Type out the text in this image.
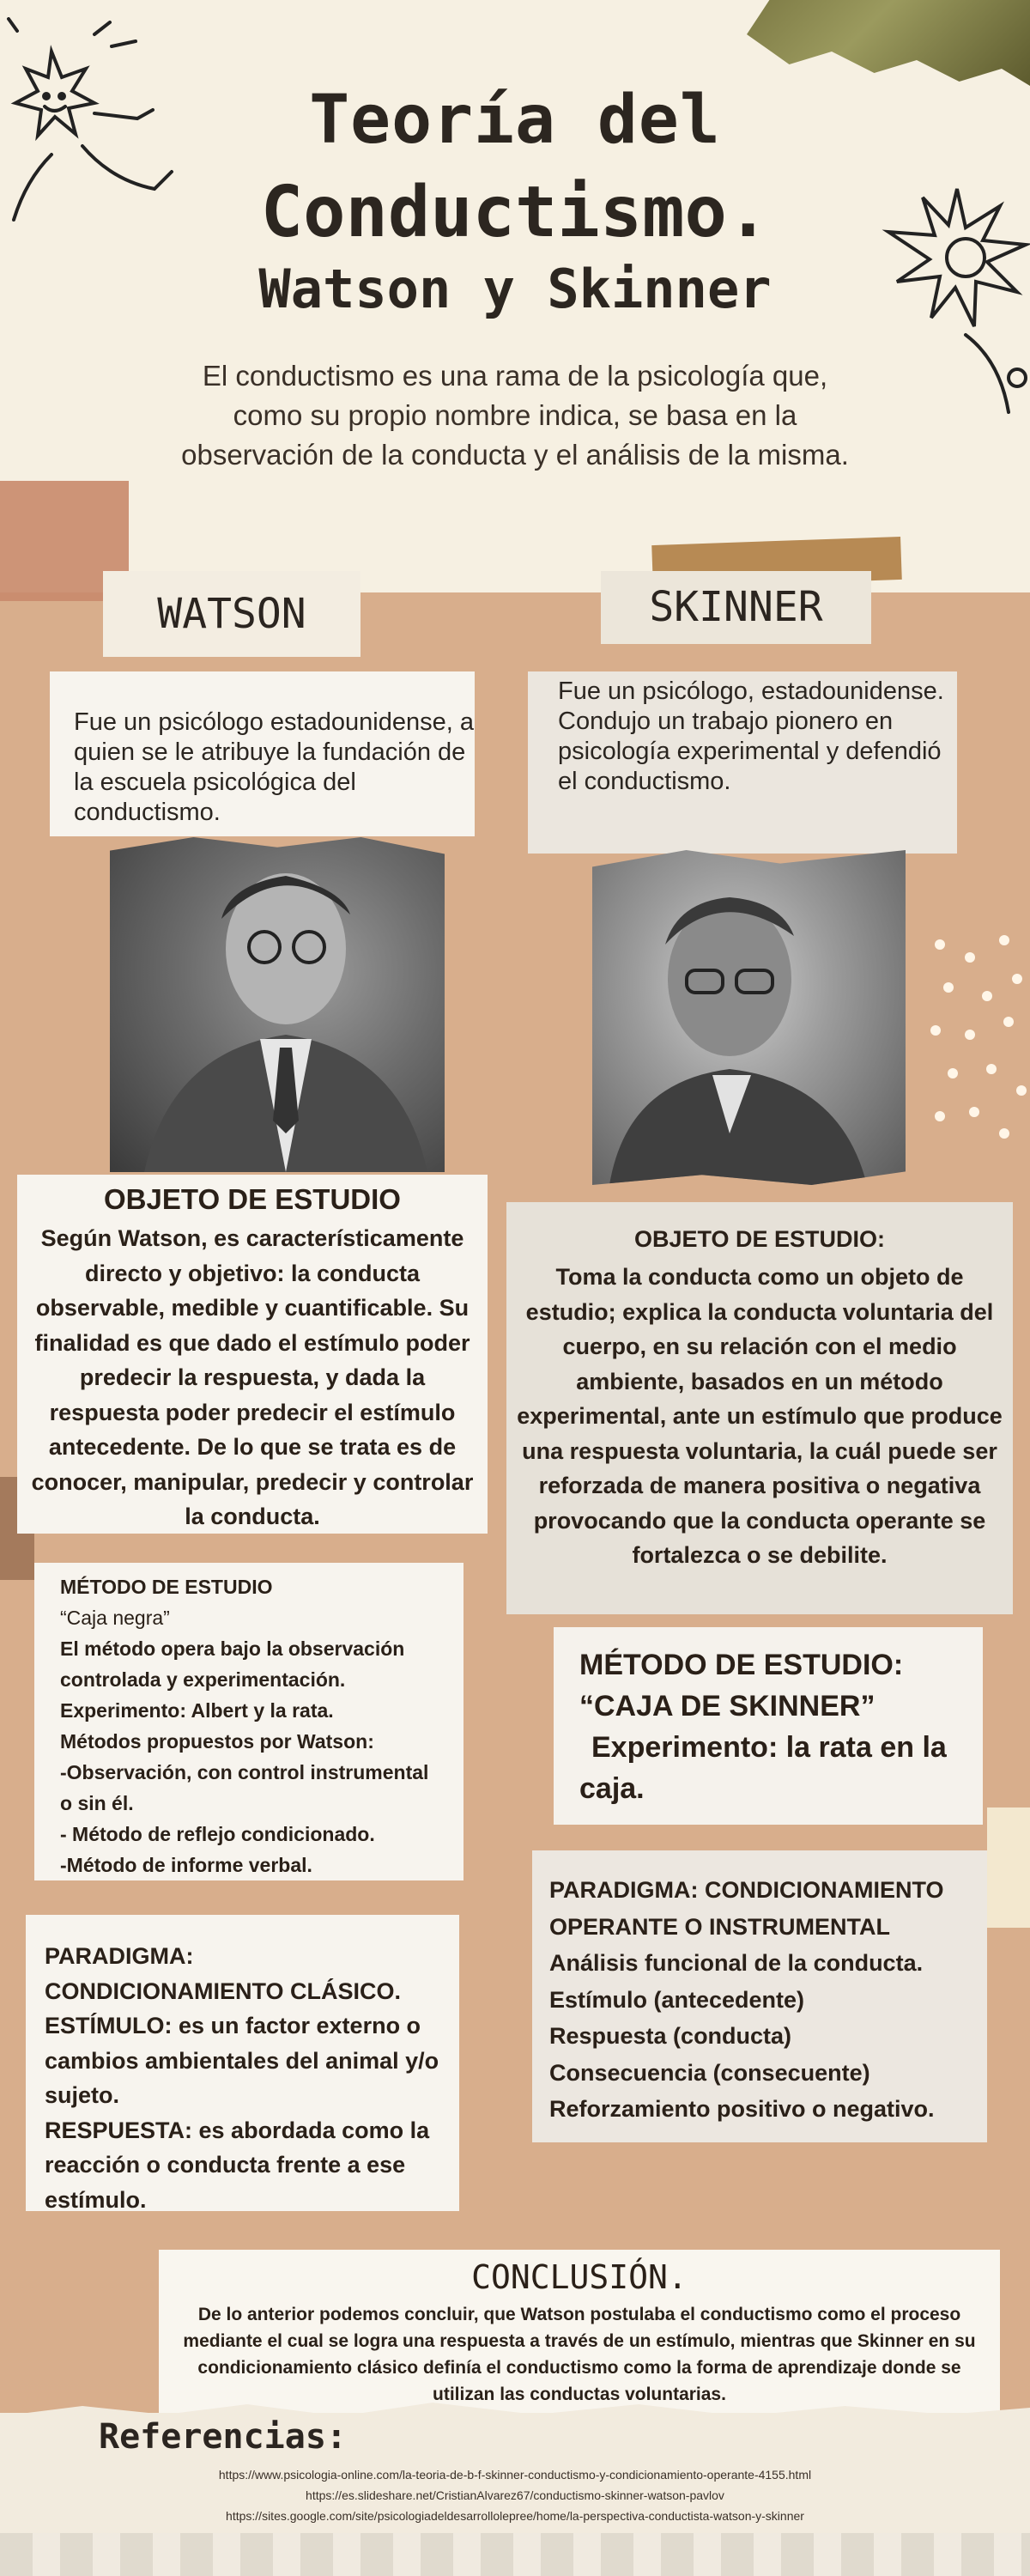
Teoría del
Conductismo.
Watson y Skinner
El conductismo es una rama de la psicología que, como su propio nombre indica, se basa en la observación de la conducta y el análisis de la misma.
WATSON	SKINNER
Fue un psicólogo estadounidense, a quien se le atribuye la fundación de la escuela psicológica del conductismo.
Fue un psicólogo, estadounidense. Condujo un trabajo pionero en psicología experimental y defendió el conductismo.
OBJETO DE ESTUDIO

Según Watson, es característicamente directo y objetivo: la conducta observable, medible y cuantificable. Su finalidad es que dado el estímulo poder predecir la respuesta, y dada la respuesta poder predecir el estímulo antecedente. De lo que se trata es de conocer, manipular, predecir y controlar la conducta.

OBJETO DE ESTUDIO:

Toma la conducta como un objeto de estudio; explica la conducta voluntaria del cuerpo, en su relación con el medio ambiente, basados en un método experimental, ante un estímulo que produce una respuesta voluntaria, la cuál puede ser reforzada de manera positiva o negativa provocando que la conducta operante se fortalezca o se debilite.

MÉTODO DE ESTUDIO
“Caja negra”
El método opera bajo la observación
controlada y experimentación.
Experimento: Albert y la rata.
Métodos propuestos por Watson:
-Observación, con control instrumental
o sin él.
- Método de reflejo condicionado.
-Método de informe verbal.
MÉTODO DE ESTUDIO:
“CAJA DE SKINNER”
Experimento: la rata en la
caja.
PARADIGMA:
CONDICIONAMIENTO CLÁSICO.
ESTÍMULO: es un factor externo o
cambios ambientales del animal y/o
sujeto.
RESPUESTA: es abordada como la
reacción o conducta frente a ese
estímulo.
PARADIGMA: CONDICIONAMIENTO
OPERANTE O INSTRUMENTAL
Análisis funcional de la conducta.
Estímulo (antecedente)
Respuesta (conducta)
Consecuencia (consecuente)
Reforzamiento positivo o negativo.
CONCLUSIÓN.

De lo anterior podemos concluir, que Watson postulaba el conductismo como el proceso mediante el cual se logra una respuesta a través de un estímulo, mientras que Skinner en su condicionamiento clásico definía el conductismo como la forma de aprendizaje donde se utilizan las conductas voluntarias.

Referencias:
https://www.psicologia-online.com/la-teoria-de-b-f-skinner-conductismo-y-condicionamiento-operante-4155.html
https://es.slideshare.net/CristianAlvarez67/conductismo-skinner-watson-pavlov
https://sites.google.com/site/psicologiadeldesarrollolepree/home/la-perspectiva-conductista-watson-y-skinner
